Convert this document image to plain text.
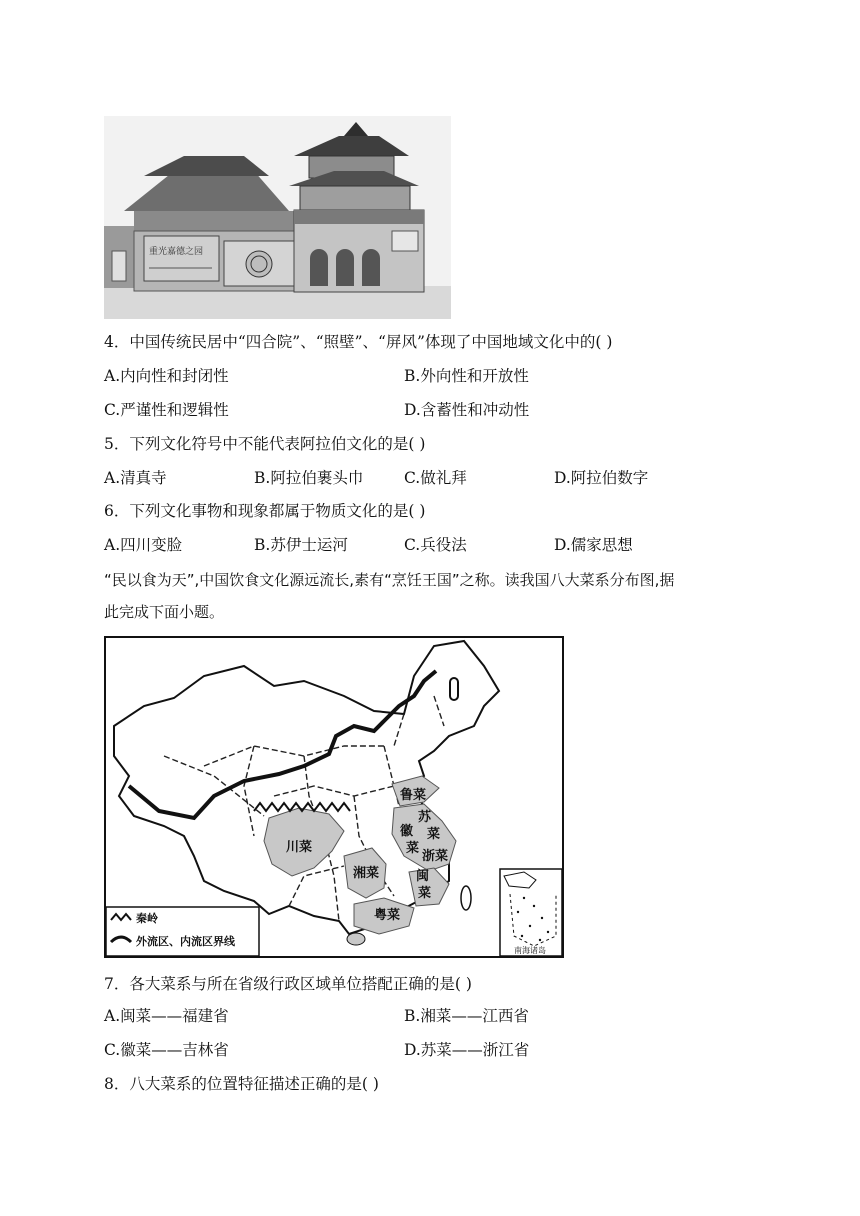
重光嘉德之园
4．中国传统民居中“四合院”、“照壁”、“屏风”体现了中国地域文化中的( )
A.内向性和封闭性	B.外向性和开放性
C.严谨性和逻辑性	D.含蓄性和冲动性
5．下列文化符号中不能代表阿拉伯文化的是( )
A.清真寺	B.阿拉伯裹头巾	C.做礼拜	D.阿拉伯数字
6．下列文化事物和现象都属于物质文化的是( )
A.四川变脸	B.苏伊士运河	C.兵役法	D.儒家思想
“民以食为天”,中国饮食文化源远流长,素有“烹饪王国”之称。读我国八大菜系分布图,据
此完成下面小题。
鲁菜
苏
菜
徽
菜
浙菜
川菜
湘菜	闽
菜
粤菜
秦岭
外流区、内流区界线
南海诸岛
7．各大菜系与所在省级行政区域单位搭配正确的是( )
A.闽菜——福建省	B.湘菜——江西省
C.徽菜——吉林省	D.苏菜——浙江省
8．八大菜系的位置特征描述正确的是( )
